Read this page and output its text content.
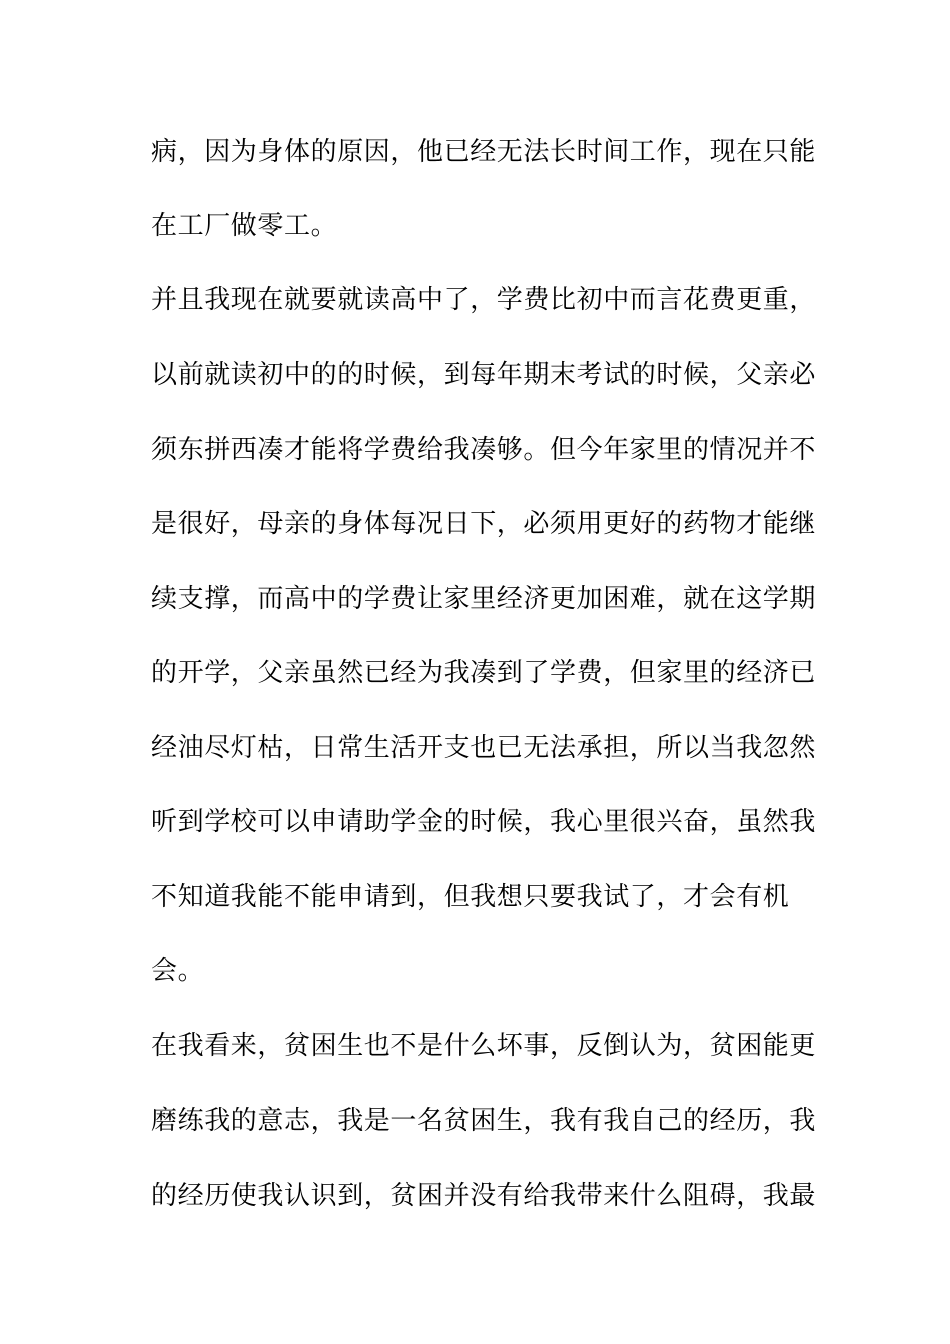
病，因为身体的原因，他已经无法长时间工作，现在只能
在工厂做零工。
并且我现在就要就读高中了，学费比初中而言花费更重，
以前就读初中的的时候，到每年期末考试的时候，父亲必
须东拼西凑才能将学费给我凑够。但今年家里的情况并不
是很好，母亲的身体每况日下，必须用更好的药物才能继
续支撑，而高中的学费让家里经济更加困难，就在这学期
的开学，父亲虽然已经为我凑到了学费，但家里的经济已
经油尽灯枯，日常生活开支也已无法承担，所以当我忽然
听到学校可以申请助学金的时候，我心里很兴奋，虽然我
不知道我能不能申请到，但我想只要我试了，才会有机
会。
在我看来，贫困生也不是什么坏事，反倒认为，贫困能更
磨练我的意志，我是一名贫困生，我有我自己的经历，我
的经历使我认识到，贫困并没有给我带来什么阻碍，我最
